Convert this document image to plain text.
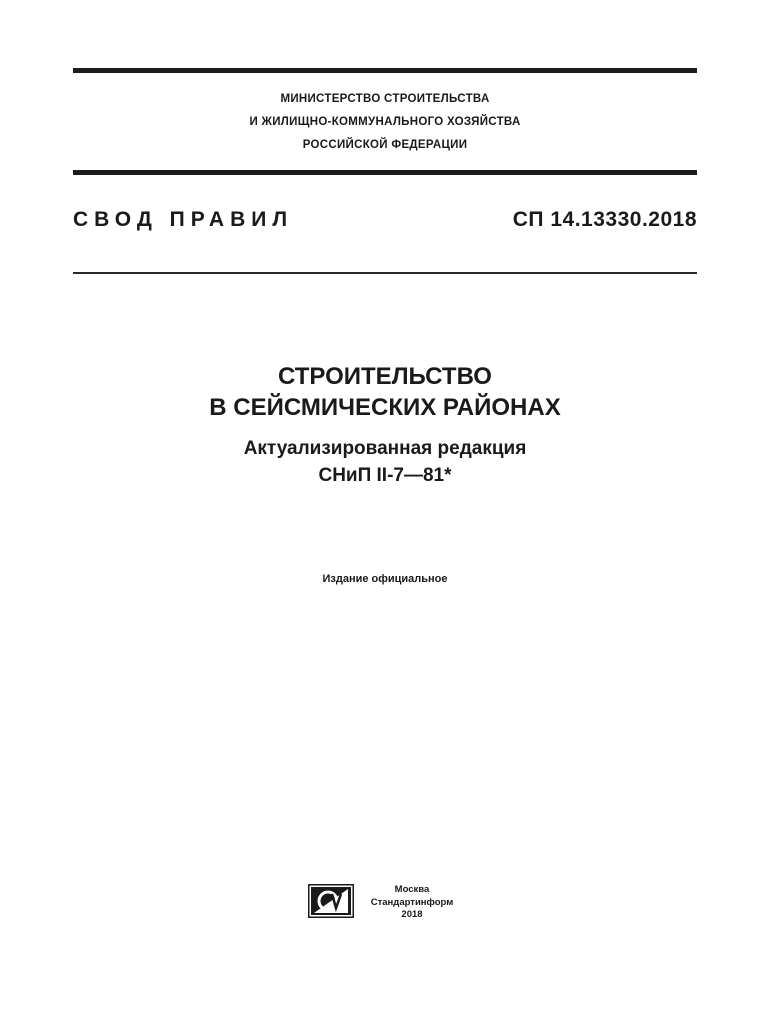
МИНИСТЕРСТВО СТРОИТЕЛЬСТВА
И ЖИЛИЩНО-КОММУНАЛЬНОГО ХОЗЯЙСТВА
РОССИЙСКОЙ ФЕДЕРАЦИИ
СВОД ПРАВИЛ	СП 14.13330.2018
СТРОИТЕЛЬСТВО
В СЕЙСМИЧЕСКИХ РАЙОНАХ
Актуализированная редакция
СНиП II-7—81*
Издание официальное
Москва
Стандартинформ
2018
